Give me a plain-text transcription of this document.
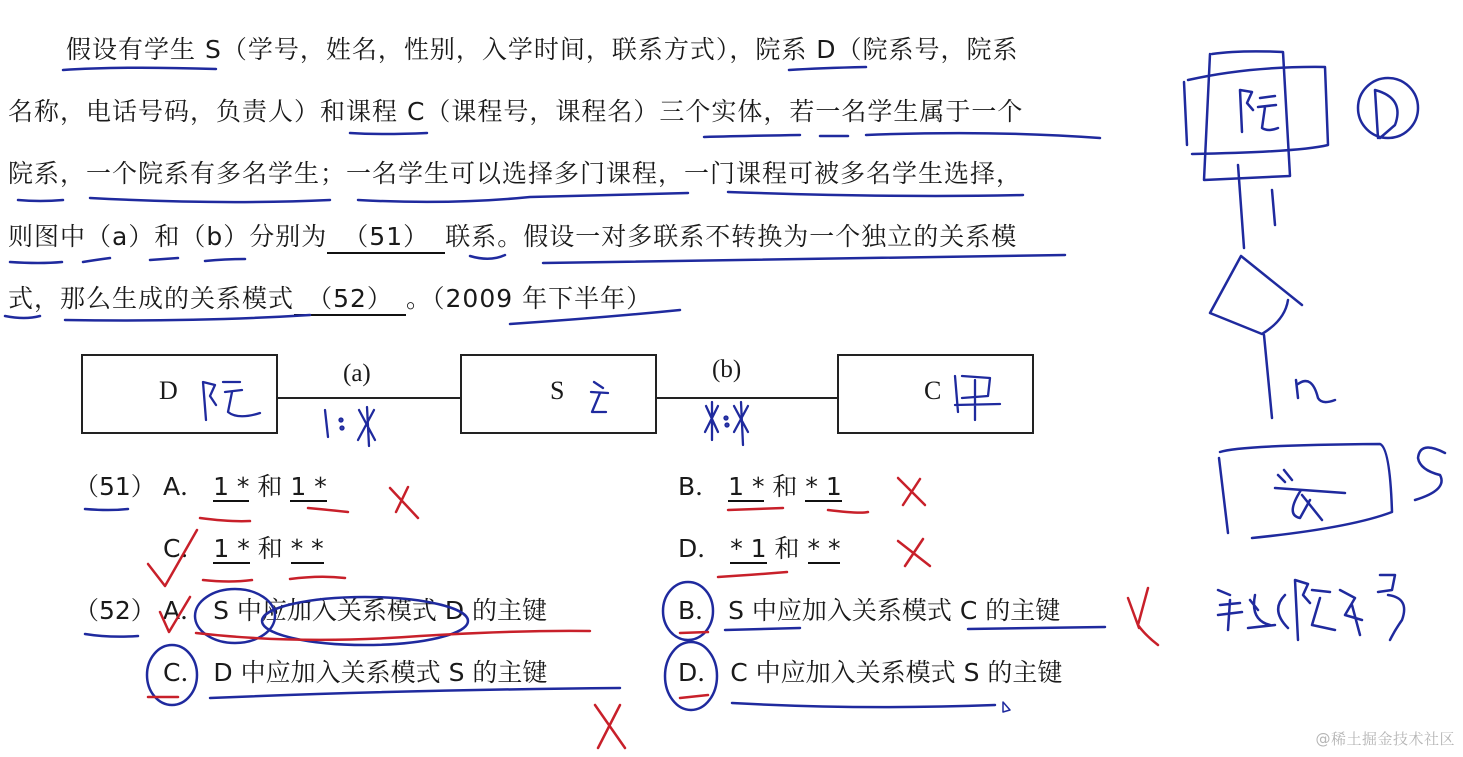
假设有学生 S（学号，姓名，性别，入学时间，联系方式），院系 D（院系号，院系
名称，电话号码，负责人）和课程 C（课程号，课程名）三个实体，若一名学生属于一个
院系，一个院系有多名学生；一名学生可以选择多门课程，一门课程可被多名学生选择，
则图中（a）和（b）分别为 （51） 联系。假设一对多联系不转换为一个独立的关系模
式，那么生成的关系模式 （52） 。（2009 年下半年）
D
(a)
S
(b)
C
（51） A． 1 * 和 1 *	B． 1 * 和 * 1
C． 1 * 和 * *	D． * 1 和 * *
（52） A． S 中应加入关系模式 D 的主键	B． S 中应加入关系模式 C 的主键
C． D 中应加入关系模式 S 的主键	D． C 中应加入关系模式 S 的主键
@稀土掘金技术社区
